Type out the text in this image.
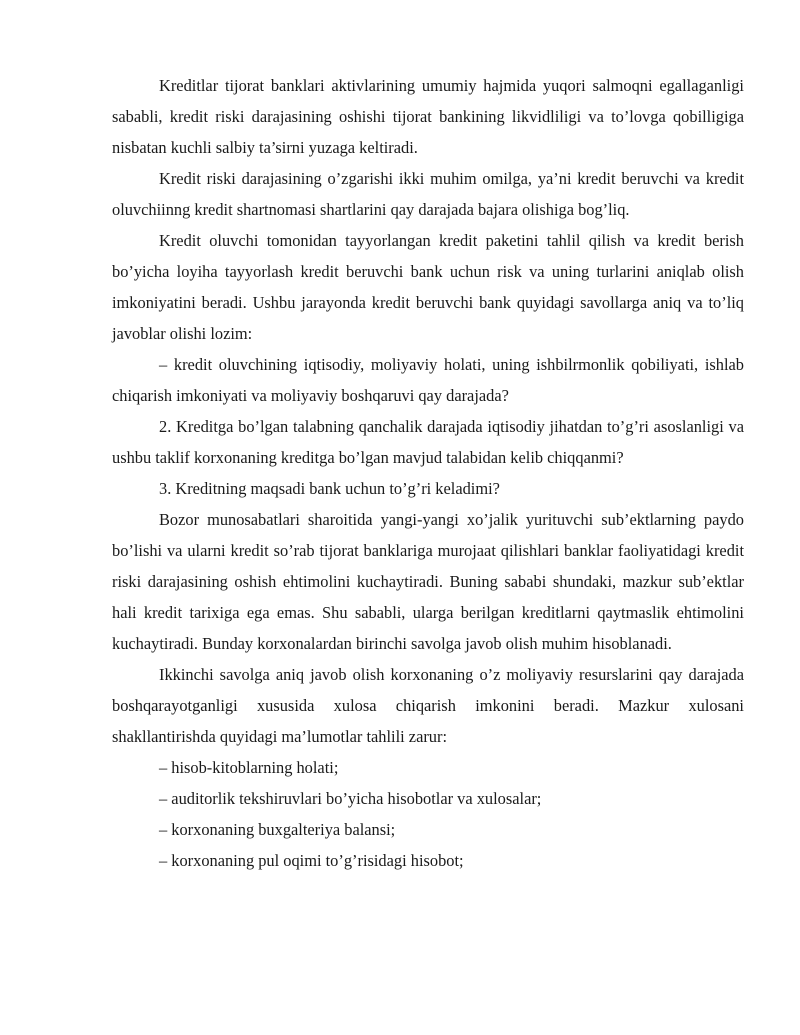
Kreditlar tijorat banklari aktivlarining umumiy hajmida yuqori salmoqni egallaganligi sababli, kredit riski darajasining oshishi tijorat bankining likvidliligi va to’lovga qobilligiga nisbatan kuchli salbiy ta’sirni yuzaga keltiradi.

Kredit riski darajasining o’zgarishi ikki muhim omilga, ya’ni kredit beruvchi va kredit oluvchiinng kredit shartnomasi shartlarini qay darajada bajara olishiga bog’liq.

Kredit oluvchi tomonidan tayyorlangan kredit paketini tahlil qilish va kredit berish bo’yicha loyiha tayyorlash kredit beruvchi bank uchun risk va uning turlarini aniqlab olish imkoniyatini beradi. Ushbu jarayonda kredit beruvchi bank quyidagi savollarga aniq va to’liq javoblar olishi lozim:

– kredit oluvchining iqtisodiy, moliyaviy holati, uning ishbilrmonlik qobiliyati, ishlab chiqarish imkoniyati va moliyaviy boshqaruvi qay darajada?

2. Kreditga bo’lgan talabning qanchalik darajada iqtisodiy jihatdan to’g’ri asoslanligi va ushbu taklif korxonaning kreditga bo’lgan mavjud talabidan kelib chiqqanmi?

3. Kreditning maqsadi bank uchun to’g’ri keladimi?

Bozor munosabatlari sharoitida yangi-yangi xo’jalik yurituvchi sub’ektlarning paydo bo’lishi va ularni kredit so’rab tijorat banklariga murojaat qilishlari banklar faoliyatidagi kredit riski darajasining oshish ehtimolini kuchaytiradi. Buning sababi shundaki, mazkur sub’ektlar hali kredit tarixiga ega emas. Shu sababli, ularga berilgan kreditlarni qaytmaslik ehtimolini kuchaytiradi. Bunday korxonalardan birinchi savolga javob olish muhim hisoblanadi.

Ikkinchi savolga aniq javob olish korxonaning o’z moliyaviy resurslarini qay darajada boshqarayotganligi xususida xulosa chiqarish imkonini beradi. Mazkur xulosani shakllantirishda quyidagi ma’lumotlar tahlili zarur:

– hisob-kitoblarning holati;

– auditorlik tekshiruvlari bo’yicha hisobotlar va xulosalar;

– korxonaning buxgalteriya balansi;

– korxonaning pul oqimi to’g’risidagi hisobot;
